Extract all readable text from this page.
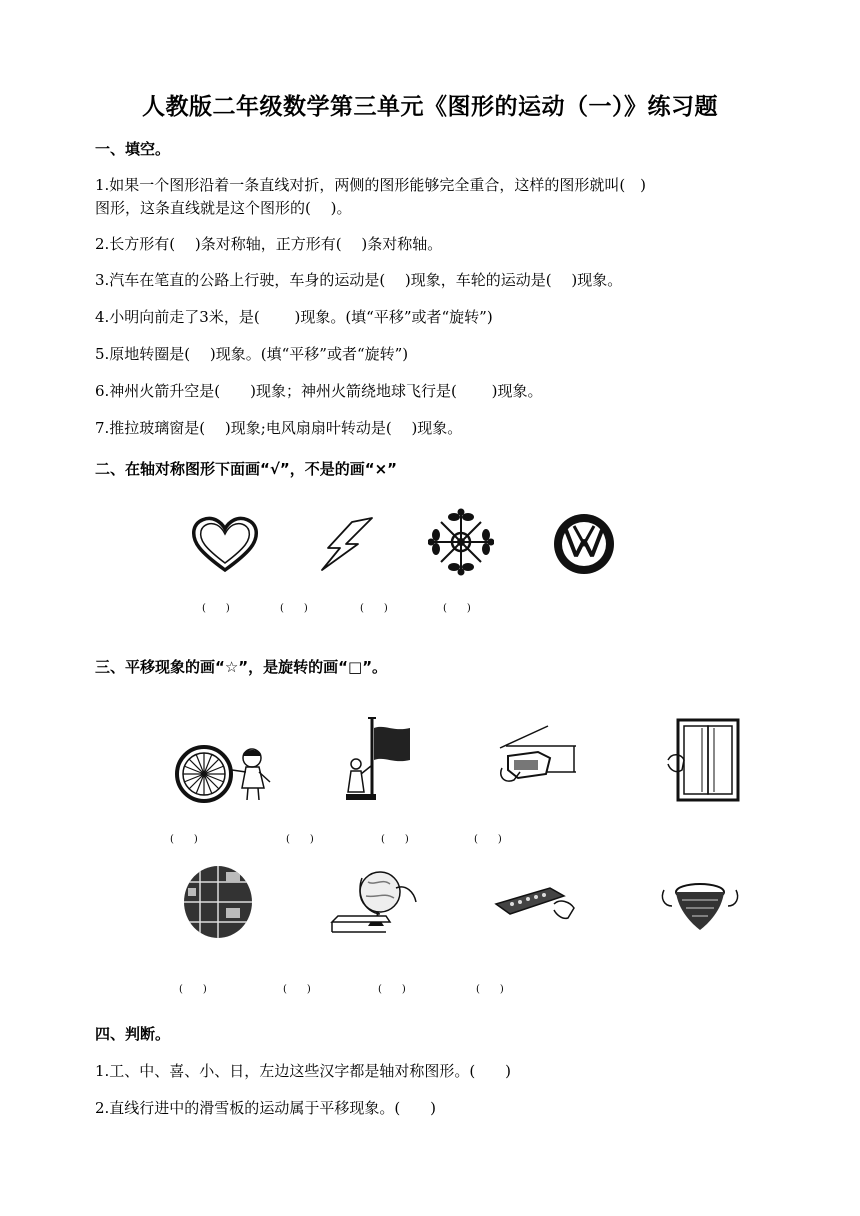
人教版二年级数学第三单元《图形的运动（一）》练习题
一、填空。
1.如果一个图形沿着一条直线对折，两侧的图形能够完全重合，这样的图形就叫(　)
图形，这条直线就是这个图形的(　 )。
2.长方形有(　 )条对称轴，正方形有(　 )条对称轴。
3.汽车在笔直的公路上行驶，车身的运动是(　 )现象，车轮的运动是(　 )现象。
4.小明向前走了3米，是(　　 )现象。(填“平移”或者“旋转”)
5.原地转圈是(　 )现象。(填“平移”或者“旋转”)
6.神州火箭升空是(　　)现象；神州火箭绕地球飞行是(　　 )现象。
7.推拉玻璃窗是(　 )现象;电风扇扇叶转动是(　 )现象。
二、在轴对称图形下面画“√”，不是的画“×”
(　　)	(　　)	(　　)	(　　)
三、平移现象的画“☆”，是旋转的画“□”。
(　　)	(　　)	(　　)	(　　)
(　　)	(　　)	(　　)	(　　)
四、判断。
1.工、中、喜、小、日，左边这些汉字都是轴对称图形。(　　)
2.直线行进中的滑雪板的运动属于平移现象。(　　)
